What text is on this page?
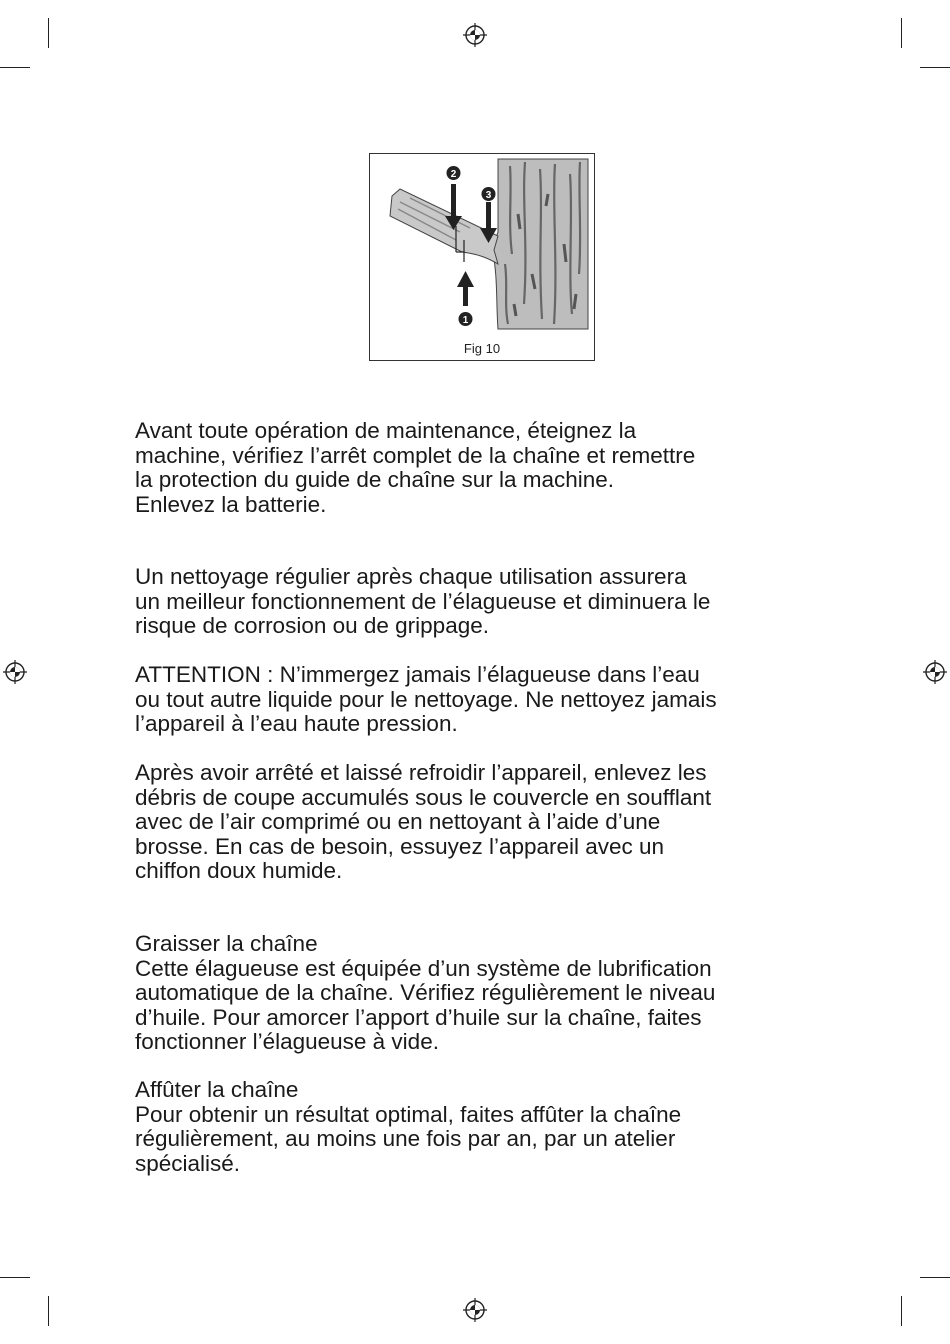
2
3
1
Fig 10

Avant toute opération de maintenance, éteignez la

machine, vérifiez l’arrêt complet de la chaîne et remettre

la protection du guide de chaîne sur la machine.

Enlevez la batterie.

Un nettoyage régulier après chaque utilisation assurera

un meilleur fonctionnement de l’élagueuse et diminuera le

risque de corrosion ou de grippage.

ATTENTION : N’immergez jamais l’élagueuse dans l’eau

ou tout autre liquide pour le nettoyage. Ne nettoyez jamais

l’appareil à l’eau haute pression.

Après avoir arrêté et laissé refroidir l’appareil, enlevez les

débris de coupe accumulés sous le couvercle en soufflant

avec de l’air comprimé ou en nettoyant à l’aide d’une

brosse. En cas de besoin, essuyez l’appareil avec un

chiffon doux humide.

Graisser la chaîne

Cette élagueuse est équipée d’un système de lubrification

automatique de la chaîne. Vérifiez régulièrement le niveau

d’huile. Pour amorcer l’apport d’huile sur la chaîne, faites

fonctionner l’élagueuse à vide.

Affûter la chaîne

Pour obtenir un résultat optimal, faites affûter la chaîne

régulièrement, au moins une fois par an, par un atelier

spécialisé.
